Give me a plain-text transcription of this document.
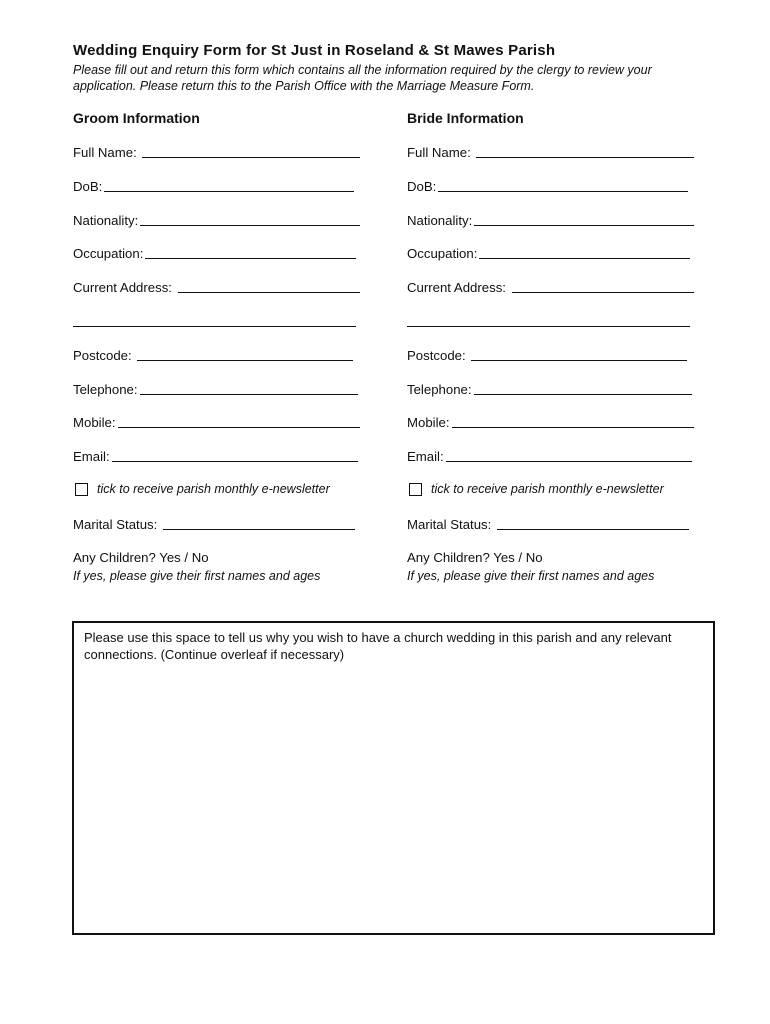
Wedding Enquiry Form for St Just in Roseland & St Mawes Parish
Please fill out and return this form which contains all the information required by the clergy to review your application. Please return this to the Parish Office with the Marriage Measure Form.
Groom Information
Full Name:
DoB:
Nationality:
Occupation:
Current Address:
Postcode:
Telephone:
Mobile:
Email:
tick to receive parish monthly e-newsletter
Marital Status:
Any Children? Yes / No
If yes, please give their first names and ages
Bride Information
Full Name:
DoB:
Nationality:
Occupation:
Current Address:
Postcode:
Telephone:
Mobile:
Email:
tick to receive parish monthly e-newsletter
Marital Status:
Any Children? Yes / No
If yes, please give their first names and ages
Please use this space to tell us why you wish to have a church wedding in this parish and any relevant connections. (Continue overleaf if necessary)
